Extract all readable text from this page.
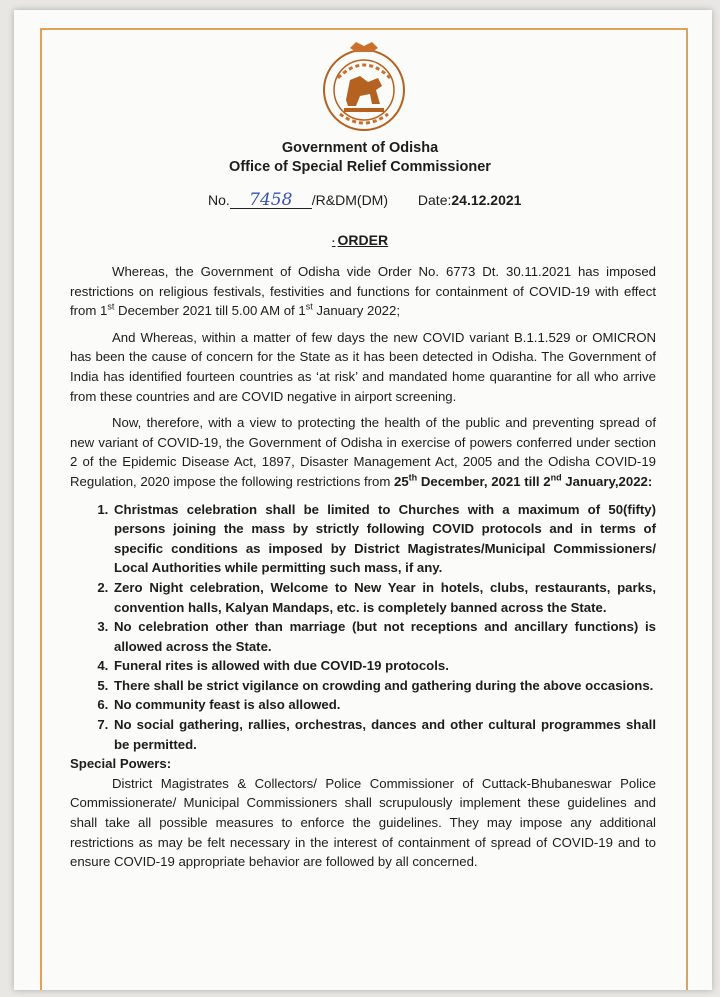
Government of Odisha
Office of Special Relief Commissioner
No. 7458 /R&DM(DM) Date:24.12.2021
· ORDER

Whereas, the Government of Odisha vide Order No. 6773 Dt. 30.11.2021 has imposed restrictions on religious festivals, festivities and functions for containment of COVID-19 with effect from 1st December 2021 till 5.00 AM of 1st January 2022;

And Whereas, within a matter of few days the new COVID variant B.1.1.529 or OMICRON has been the cause of concern for the State as it has been detected in Odisha. The Government of India has identified fourteen countries as ‘at risk’ and mandated home quarantine for all who arrive from these countries and are COVID negative in airport screening.

Now, therefore, with a view to protecting the health of the public and preventing spread of new variant of COVID-19, the Government of Odisha in exercise of powers conferred under section 2 of the Epidemic Disease Act, 1897, Disaster Management Act, 2005 and the Odisha COVID-19 Regulation, 2020 impose the following restrictions from 25th December, 2021 till 2nd January,2022:

1. Christmas celebration shall be limited to Churches with a maximum of 50(fifty) persons joining the mass by strictly following COVID protocols and in terms of specific conditions as imposed by District Magistrates/Municipal Commissioners/ Local Authorities while permitting such mass, if any.
2. Zero Night celebration, Welcome to New Year in hotels, clubs, restaurants, parks, convention halls, Kalyan Mandaps, etc. is completely banned across the State.
3. No celebration other than marriage (but not receptions and ancillary functions) is allowed across the State.
4. Funeral rites is allowed with due COVID-19 protocols.
5. There shall be strict vigilance on crowding and gathering during the above occasions.
6. No community feast is also allowed.
7. No social gathering, rallies, orchestras, dances and other cultural programmes shall be permitted.
Special Powers:

District Magistrates & Collectors/ Police Commissioner of Cuttack-Bhubaneswar Police Commissionerate/ Municipal Commissioners shall scrupulously implement these guidelines and shall take all possible measures to enforce the guidelines. They may impose any additional restrictions as may be felt necessary in the interest of containment of spread of COVID-19 and to ensure COVID-19 appropriate behavior are followed by all concerned.
